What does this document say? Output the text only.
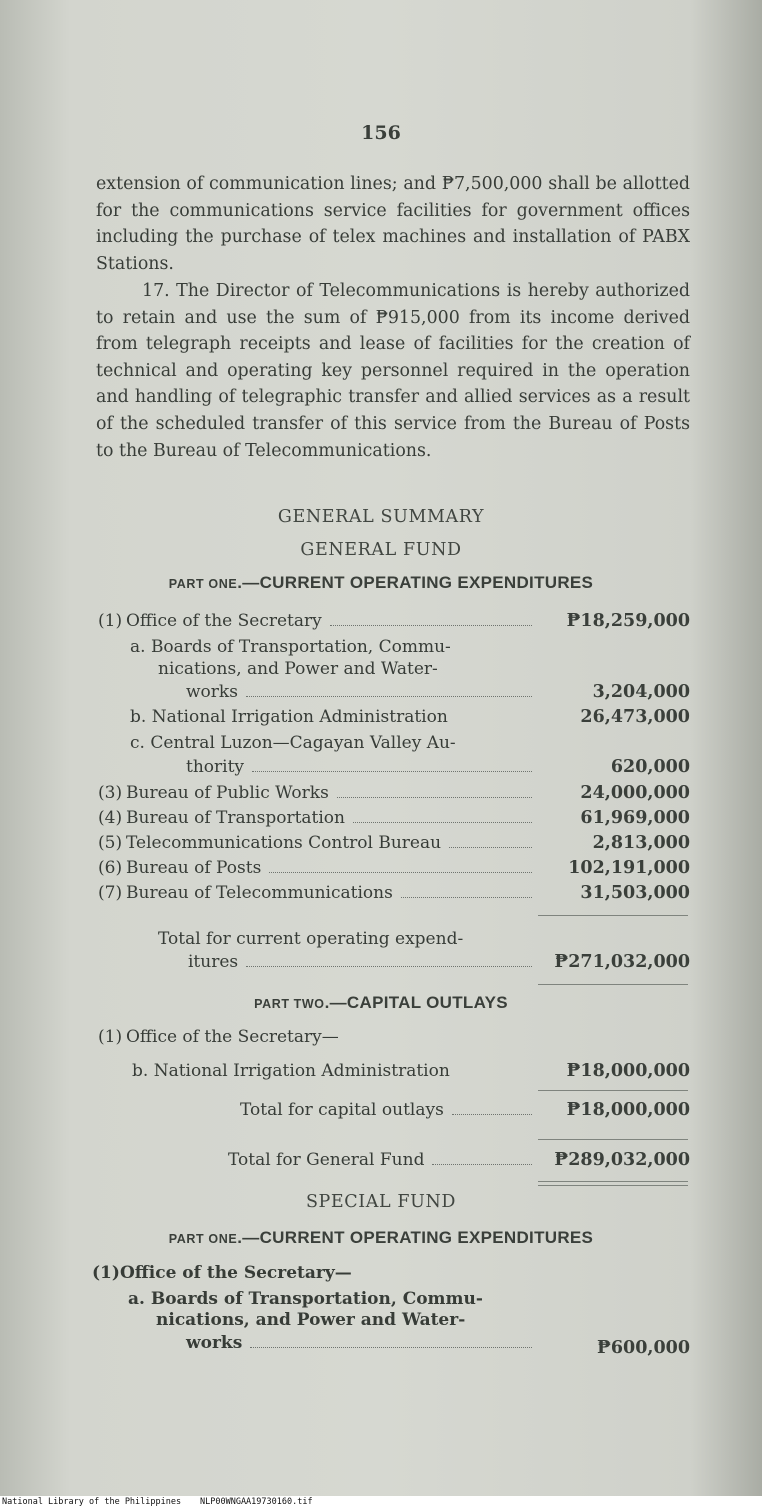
156
extension of communication lines; and ₱7,500,000 shall be allotted for the communications service facilities for government offices including the purchase of telex machines and installation of PABX Stations.
17. The Director of Telecommunications is hereby authorized to retain and use the sum of ₱915,000 from its income derived from telegraph receipts and lease of facilities for the creation of technical and operating key personnel required in the operation and handling of telegraphic transfer and allied services as a result of the scheduled transfer of this service from the Bureau of Posts to the Bureau of Telecommunications.
GENERAL SUMMARY
GENERAL FUND
PART ONE.—CURRENT OPERATING EXPENDITURES
(1) Office of the Secretary	₱18,259,000
a. Boards of Transportation, Commu-
nications, and Power and Water-
works	3,204,000
b. National Irrigation Administration	26,473,000
c. Central Luzon—Cagayan Valley Au-
thority	620,000
(3) Bureau of Public Works	24,000,000
(4) Bureau of Transportation	61,969,000
(5) Telecommunications Control Bureau	2,813,000
(6) Bureau of Posts	102,191,000
(7) Bureau of Telecommunications	31,503,000
Total for current operating expend-
itures	₱271,032,000
PART TWO.—CAPITAL OUTLAYS
(1) Office of the Secretary—
b. National Irrigation Administration	₱18,000,000
Total for capital outlays	₱18,000,000
Total for General Fund	₱289,032,000
SPECIAL FUND
PART ONE.—CURRENT OPERATING EXPENDITURES
(1)Office of the Secretary—
a. Boards of Transportation, Commu-
nications, and Power and Water-
works	₱600,000
National Library of the Philippines NLP00WNGAA19730160.tif
